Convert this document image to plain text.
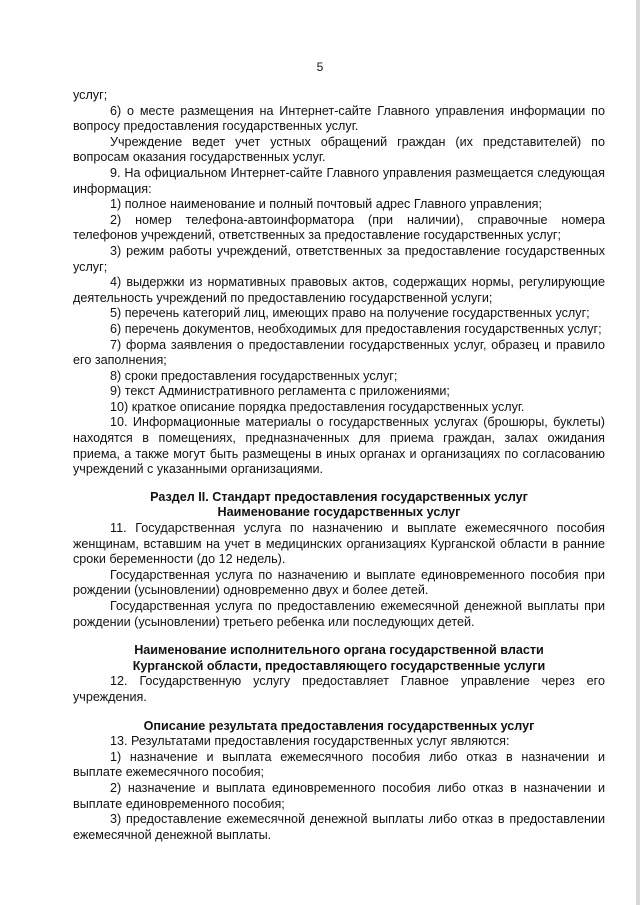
5

услуг;

6) о месте размещения на Интернет-сайте Главного управления информации по вопросу предоставления государственных услуг.

Учреждение ведет учет устных обращений граждан (их представителей) по вопросам оказания государственных услуг.

9. На официальном Интернет-сайте Главного управления размещается следующая информация:

1) полное наименование и полный почтовый адрес Главного управления;

2) номер телефона-автоинформатора (при наличии), справочные номера телефонов учреждений, ответственных за предоставление государственных услуг;

3) режим работы учреждений, ответственных за предоставление государственных услуг;

4) выдержки из нормативных правовых актов, содержащих нормы, регулирующие деятельность учреждений по предоставлению государственной услуги;

5) перечень категорий лиц, имеющих право на получение государственных услуг;

6) перечень документов, необходимых для предоставления государственных услуг;

7) форма заявления о предоставлении государственных услуг, образец и правило его заполнения;

8) сроки предоставления государственных услуг;

9) текст Административного регламента с приложениями;

10) краткое описание порядка предоставления государственных услуг.

10. Информационные материалы о государственных услугах (брошюры, буклеты) находятся в помещениях, предназначенных для приема граждан, залах ожидания приема, а также могут быть размещены в иных органах и организациях по согласованию учреждений с указанными организациями.

Раздел II. Стандарт предоставления государственных услуг
Наименование государственных услуг

11. Государственная услуга по назначению и выплате ежемесячного пособия женщинам, вставшим на учет в медицинских организациях Курганской области в ранние сроки беременности (до 12 недель).

Государственная услуга по назначению и выплате единовременного пособия при рождении (усыновлении) одновременно двух и более детей.

Государственная услуга по предоставлению ежемесячной денежной выплаты при рождении (усыновлении) третьего ребенка или последующих детей.

Наименование исполнительного органа государственной власти
Курганской области, предоставляющего государственные услуги

12. Государственную услугу предоставляет Главное управление через его учреждения.

Описание результата предоставления государственных услуг

13. Результатами предоставления государственных услуг являются:

1) назначение и выплата ежемесячного пособия либо отказ в назначении и выплате ежемесячного пособия;

2) назначение и выплата единовременного пособия либо отказ в назначении и выплате единовременного пособия;

3) предоставление ежемесячной денежной выплаты либо отказ в предоставлении ежемесячной денежной выплаты.
